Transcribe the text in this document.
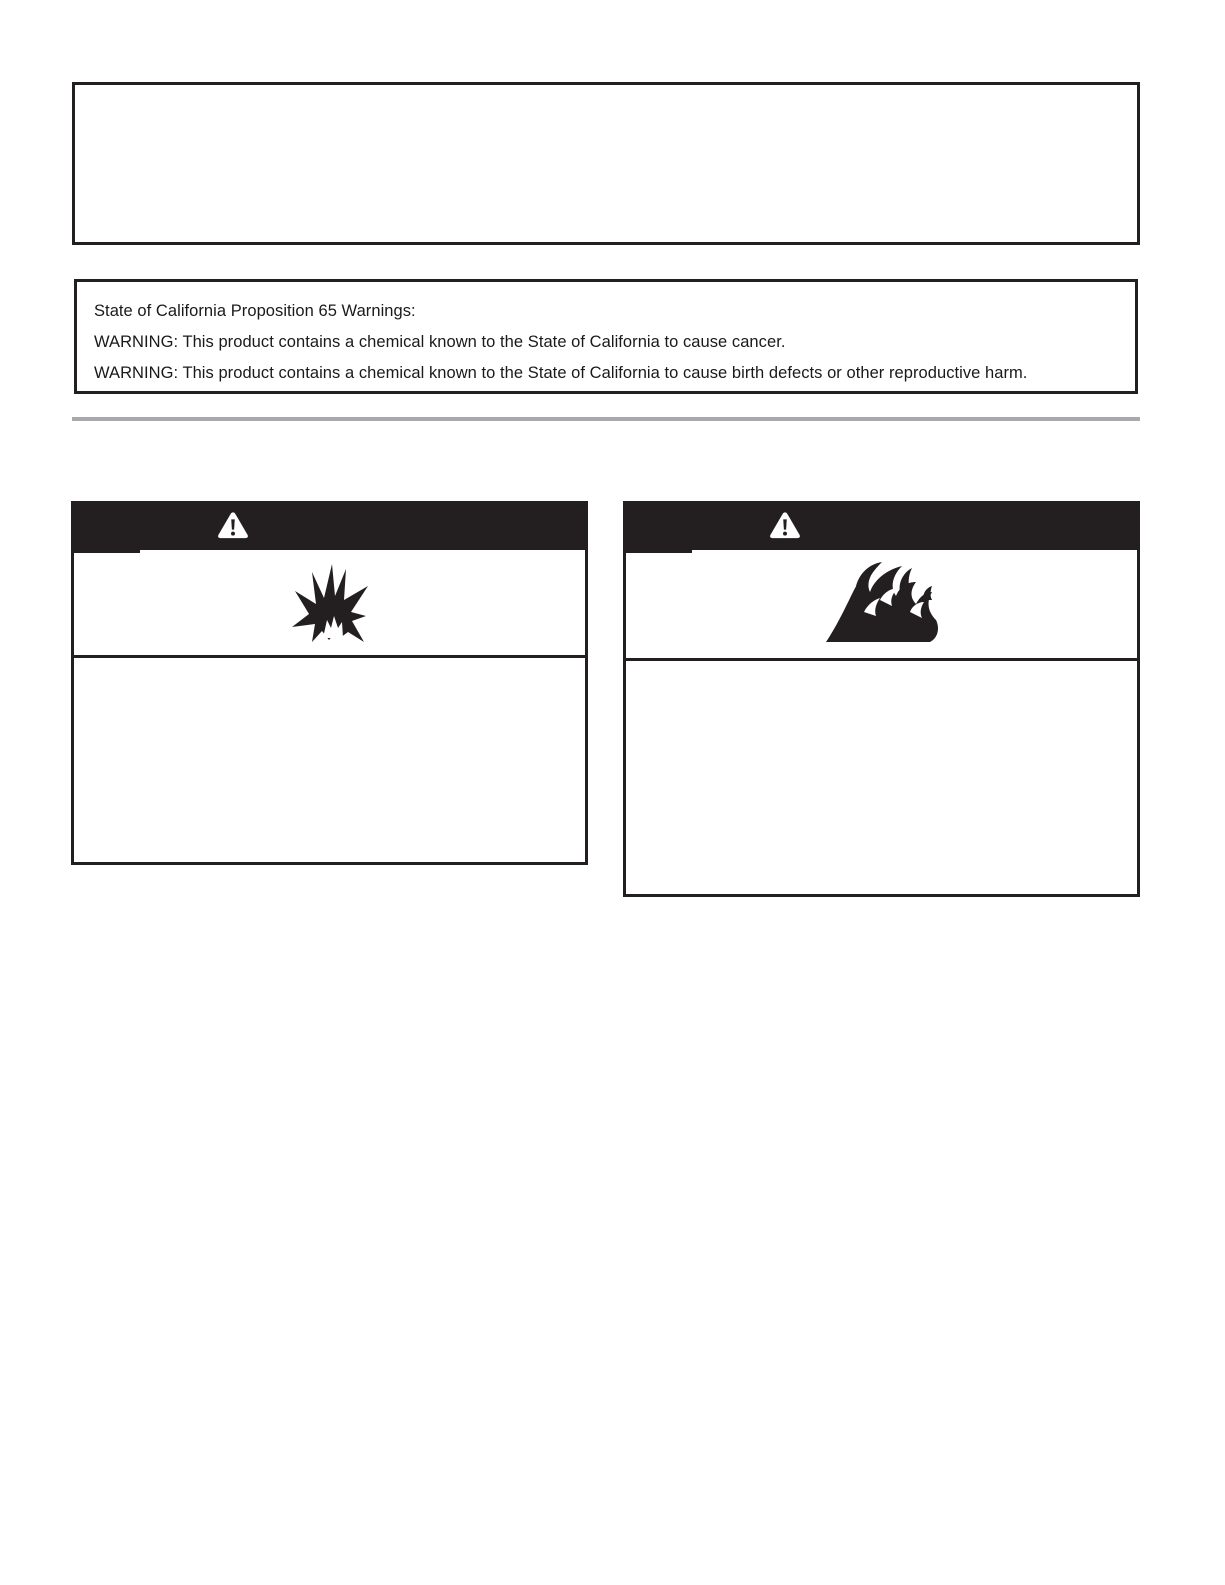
State of California Proposition 65 Warnings:
WARNING: This product contains a chemical known to the State of California to cause cancer.
WARNING: This product contains a chemical known to the State of California to cause birth defects or other reproductive harm.
